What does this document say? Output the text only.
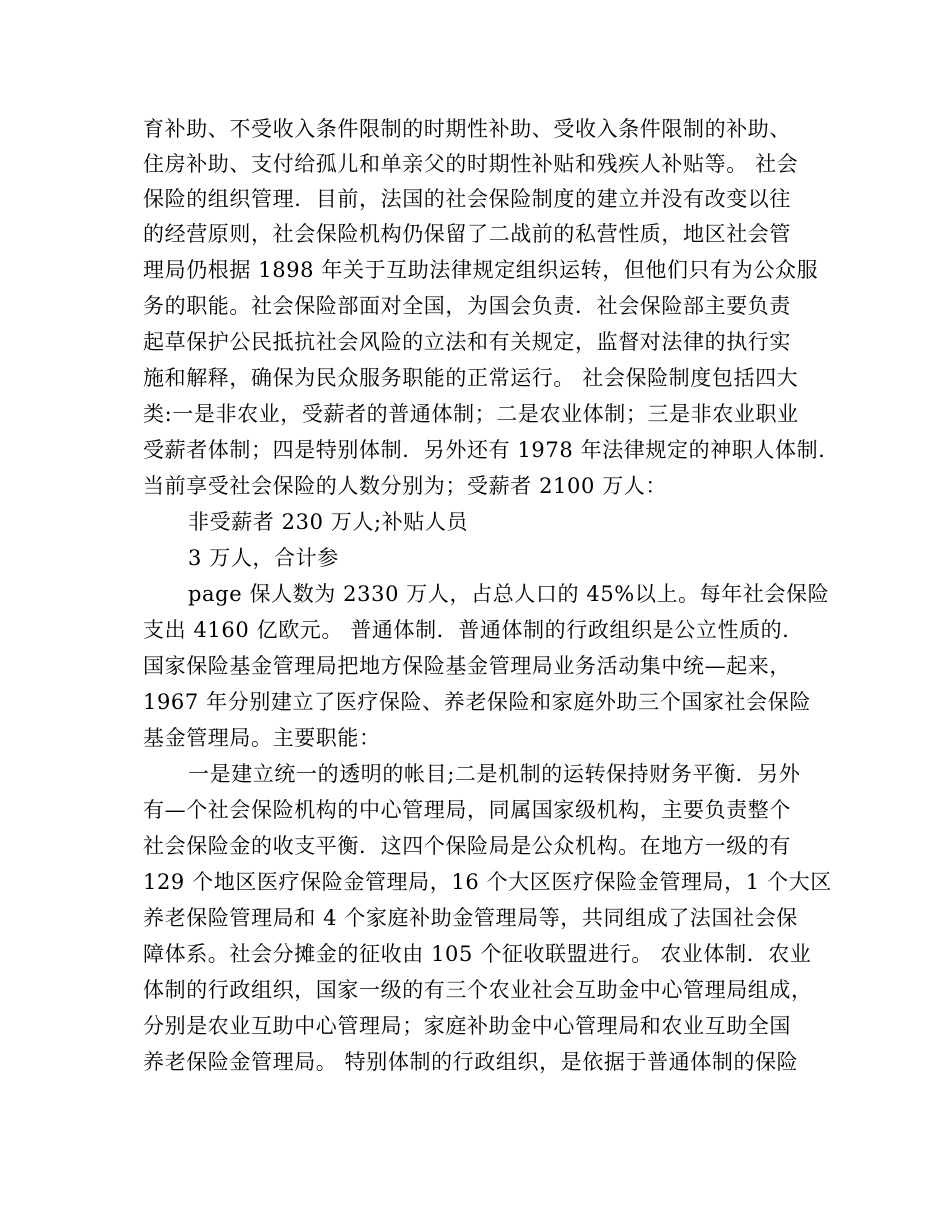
育补助、不受收入条件限制的时期性补助、受收入条件限制的补助、
住房补助、支付给孤儿和单亲父的时期性补贴和残疾人补贴等。 社会
保险的组织管理．目前，法国的社会保险制度的建立并没有改变以往
的经营原则，社会保险机构仍保留了二战前的私营性质，地区社会管
理局仍根据 1898 年关于互助法律规定组织运转，但他们只有为公众服
务的职能。社会保险部面对全国，为国会负责．社会保险部主要负责
起草保护公民抵抗社会风险的立法和有关规定，监督对法律的执行实
施和解释，确保为民众服务职能的正常运行。 社会保险制度包括四大
类:一是非农业，受薪者的普通体制；二是农业体制；三是非农业职业
受薪者体制；四是特别体制．另外还有 1978 年法律规定的神职人体制．
当前享受社会保险的人数分别为；受薪者 2100 万人：
非受薪者 230 万人;补贴人员
3 万人，合计参
page 保人数为 2330 万人，占总人口的 45%以上。每年社会保险
支出 4160 亿欧元。 普通体制．普通体制的行政组织是公立性质的．
国家保险基金管理局把地方保险基金管理局业务活动集中统—起来，
1967 年分别建立了医疗保险、养老保险和家庭外助三个国家社会保险
基金管理局。主要职能：
一是建立统一的透明的帐目;二是机制的运转保持财务平衡．另外
有—个社会保险机构的中心管理局，同属国家级机构，主要负责整个
社会保险金的收支平衡．这四个保险局是公众机构。在地方一级的有
129 个地区医疗保险金管理局，16 个大区医疗保险金管理局，1 个大区
养老保险管理局和 4 个家庭补助金管理局等，共同组成了法国社会保
障体系。社会分摊金的征收由 105 个征收联盟进行。 农业体制．农业
体制的行政组织，国家一级的有三个农业社会互助金中心管理局组成，
分别是农业互助中心管理局；家庭补助金中心管理局和农业互助全国
养老保险金管理局。 特别体制的行政组织，是依据于普通体制的保险
